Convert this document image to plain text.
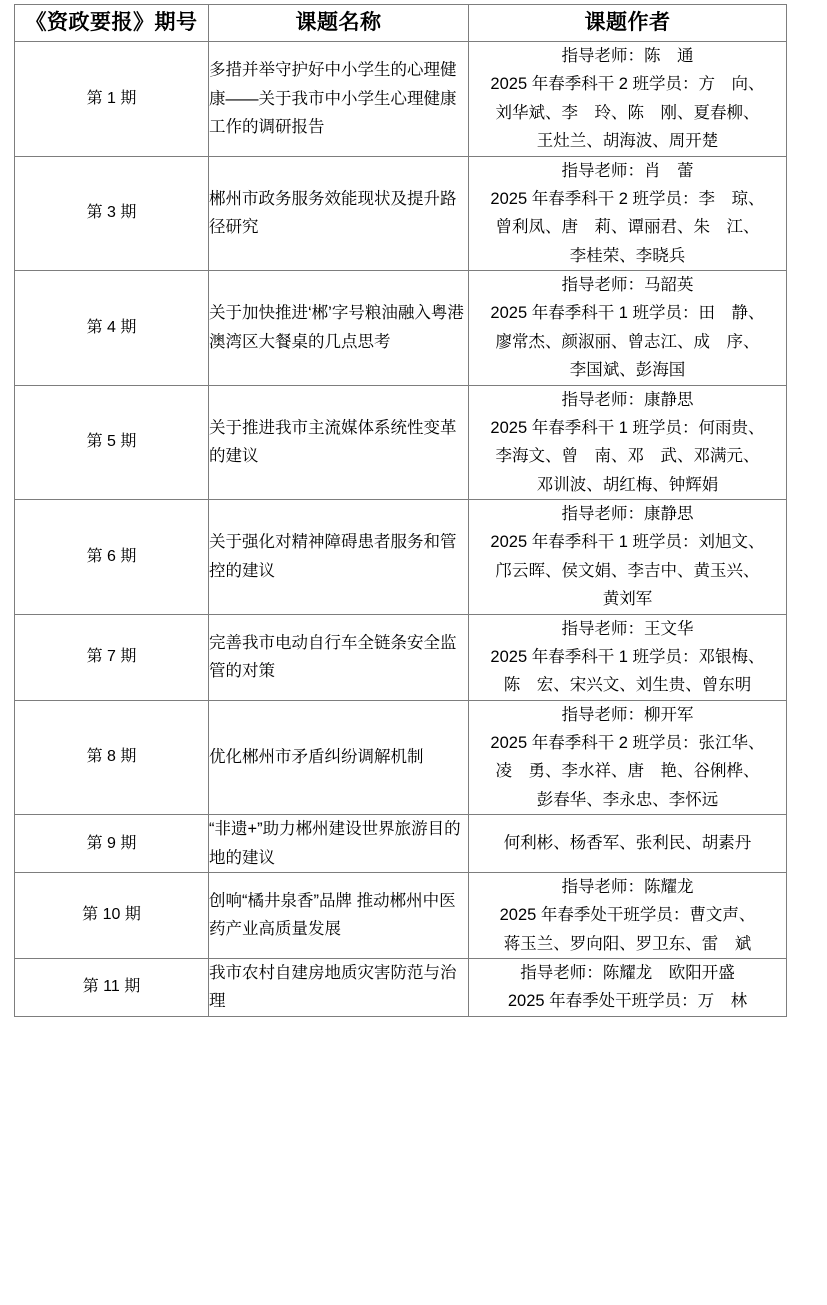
《资政要报》期号	课题名称	课题作者
第 1 期	多措并举守护好中小学生的心理健康——关于我市中小学生心理健康工作的调研报告	指导老师：陈　通
2025 年春季科干 2 班学员：方　向、
刘华斌、李　玲、陈　刚、夏春柳、
王灶兰、胡海波、周开楚

第 3 期	郴州市政务服务效能现状及提升路径研究	指导老师：肖　蕾
2025 年春季科干 2 班学员：李　琼、
曾利凤、唐　莉、谭丽君、朱　江、
李桂荣、李晓兵

第 4 期	关于加快推进‘郴’字号粮油融入粤港澳湾区大餐桌的几点思考	指导老师：马韶英
2025 年春季科干 1 班学员：田　静、
廖常杰、颜淑丽、曾志江、成　序、
李国斌、彭海国

第 5 期	关于推进我市主流媒体系统性变革的建议	指导老师：康静思
2025 年春季科干 1 班学员：何雨贵、
李海文、曾　南、邓　武、邓满元、
邓训波、胡红梅、钟辉娟

第 6 期	关于强化对精神障碍患者服务和管控的建议	指导老师：康静思
2025 年春季科干 1 班学员：刘旭文、
邝云晖、侯文娟、李吉中、黄玉兴、
黄刘军

第 7 期	完善我市电动自行车全链条安全监管的对策	指导老师：王文华
2025 年春季科干 1 班学员：邓银梅、
陈　宏、宋兴文、刘生贵、曾东明

第 8 期	优化郴州市矛盾纠纷调解机制	指导老师：柳开军
2025 年春季科干 2 班学员：张江华、
凌　勇、李水祥、唐　艳、谷俐桦、
彭春华、李永忠、李怀远

第 9 期	“非遗+”助力郴州建设世界旅游目的地的建议	何利彬、杨香军、张利民、胡素丹

第 10 期	创响“橘井泉香”品牌 推动郴州中医药产业高质量发展	指导老师：陈耀龙
2025 年春季处干班学员：曹文声、
蒋玉兰、罗向阳、罗卫东、雷　斌

第 11 期	我市农村自建房地质灾害防范与治理	指导老师：陈耀龙　欧阳开盛
2025 年春季处干班学员：万　林
